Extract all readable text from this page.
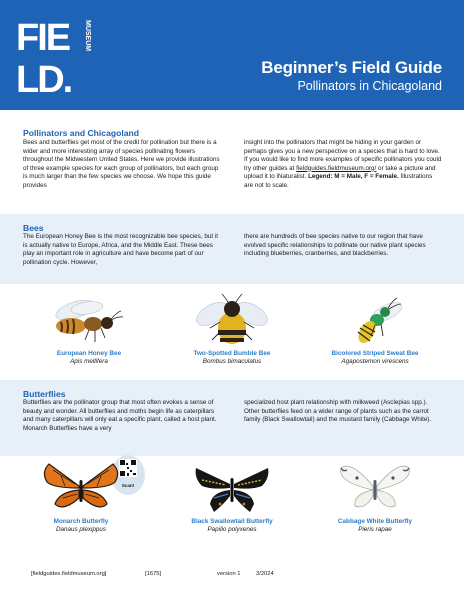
FIE
LD.
MUSEUM
Beginner’s Field Guide
Pollinators in Chicagoland
Pollinators and Chicagoland

Bees and butterflies get most of the credit for pollination but there is a wider and more interesting array of species pollinating flowers throughout the Midwestern United States. Here we provide illustrations of three example species for each group of pollinators, but each group is much larger than the few species we choose. We hope this guide provides

insight into the pollinators that might be hiding in your garden or perhaps gives you a new perspective on a species that is hard to love. If you would like to find more examples of specific pollinators you could try other guides at fieldguides.fieldmuseum.org/ or take a picture and upload it to iNaturalist. Legend: M = Male, F = Female. Illustrations are not to scale.

Bees

The European Honey Bee is the most recognizable bee species, but it is actually native to Europe, Africa, and the Middle East. These bees play an important role in agriculture and have become part of our pollination cycle. However,

there are hundreds of bee species native to our region that have evolved specific relationships to pollinate our native plant species including blueberries, cranberries, and blackberries.

European Honey Bee
Apis mellifera
Two-Spotted Bumble Bee
Bombus bimaculatus
Bicolored Striped Sweat Bee
Agapostemon virescens
Butterflies

Butterflies are the pollinator group that most often evokes a sense of beauty and wonder. All butterflies and moths begin life as caterpillars and many caterpillars will only eat a specific plant, called a host plant. Monarch Butterflies have a very

specialized host plant relationship with milkweed (Asclepias spp.). Other butterflies feed on a wider range of plants such as the carrot family (Black Swallowtail) and the mustard family (Cabbage White).

Scan!
Monarch Butterfly
Danaus plexippus
Black Swallowtail Butterfly
Papilio polyxenes
Cabbage White Butterfly
Pieris rapae
[fieldguides.fieldmuseum.org]	[1675]	version 1	3/2024
